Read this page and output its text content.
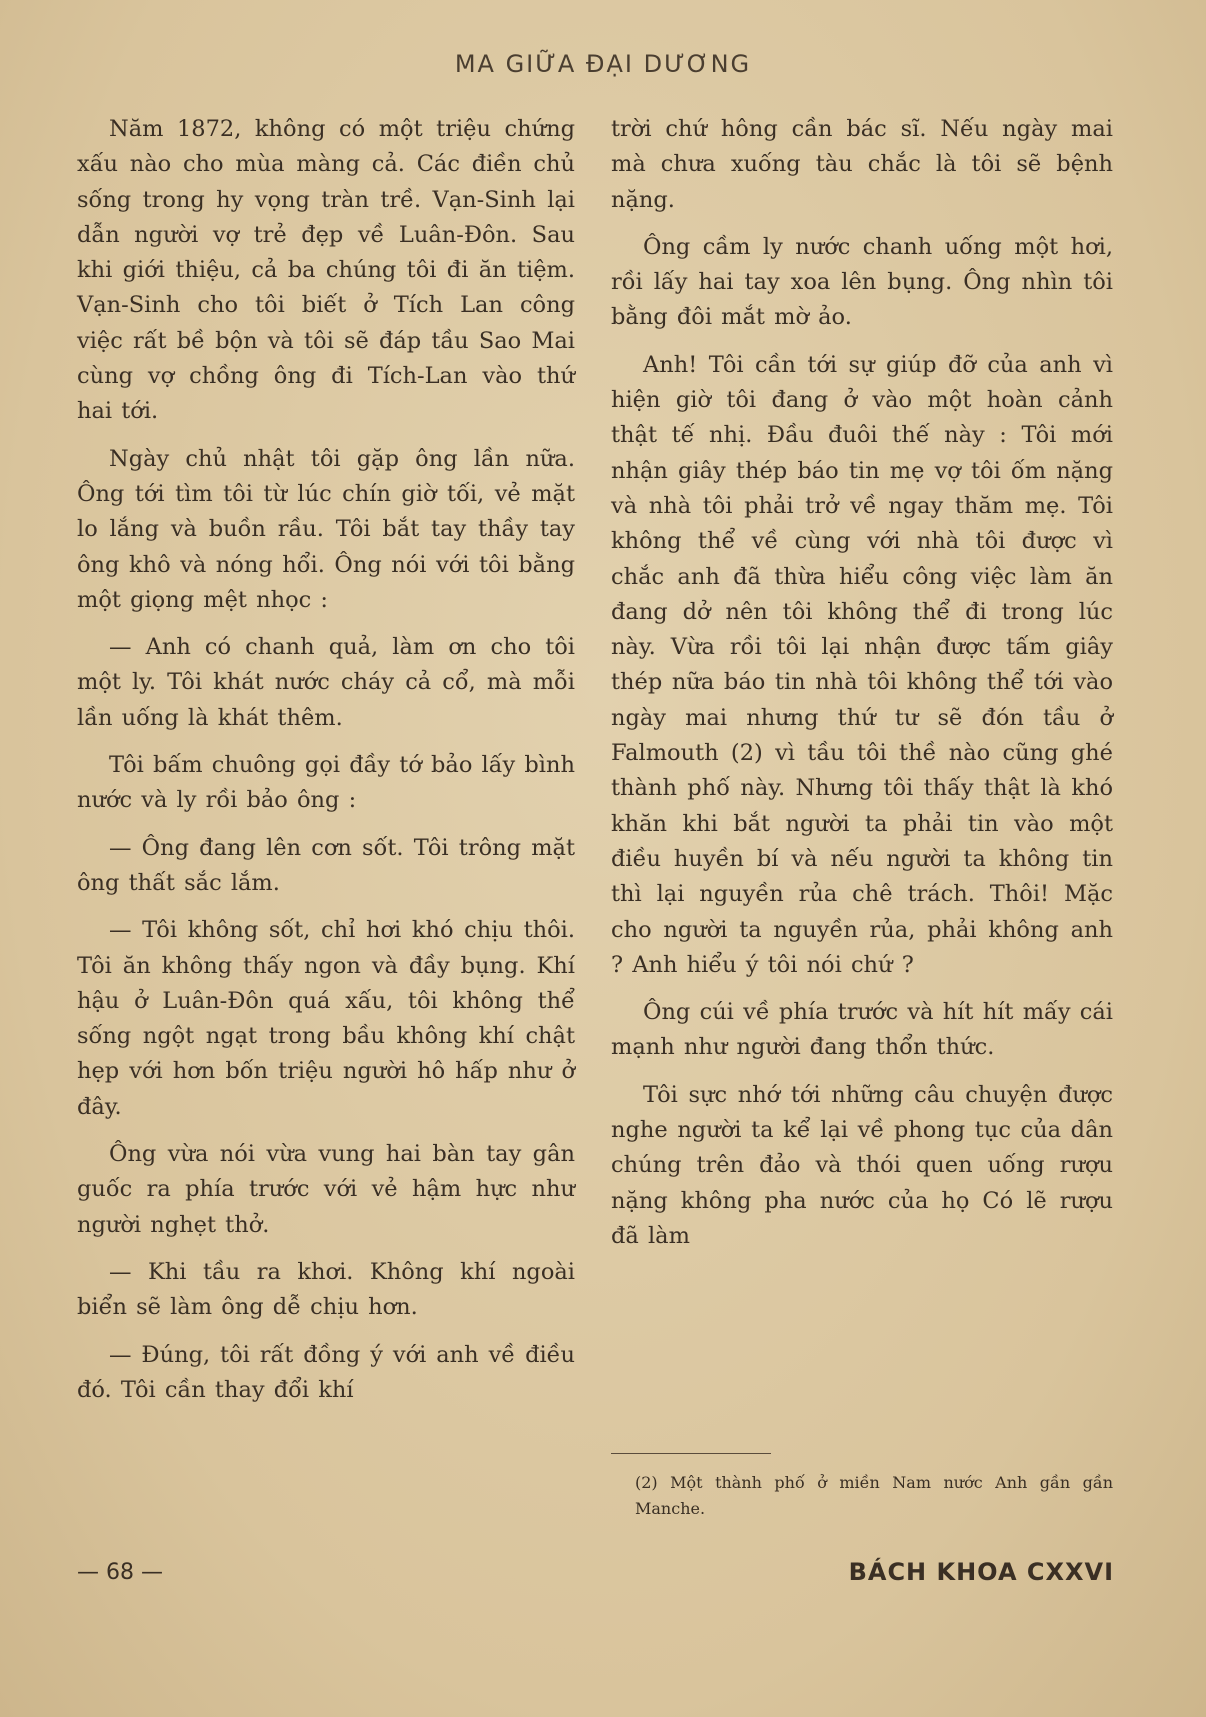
MA GIỮA ĐẠI DƯƠNG

Năm 1872, không có một triệu chứng xấu nào cho mùa màng cả. Các điền chủ sống trong hy vọng tràn trề. Vạn-Sinh lại dẫn người vợ trẻ đẹp về Luân-Đôn. Sau khi giới thiệu, cả ba chúng tôi đi ăn tiệm. Vạn-Sinh cho tôi biết ở Tích Lan công việc rất bề bộn và tôi sẽ đáp tầu Sao Mai cùng vợ chồng ông đi Tích-Lan vào thứ hai tới.

Ngày chủ nhật tôi gặp ông lần nữa. Ông tới tìm tôi từ lúc chín giờ tối, vẻ mặt lo lắng và buồn rầu. Tôi bắt tay thầy tay ông khô và nóng hổi. Ông nói với tôi bằng một giọng mệt nhọc :

— Anh có chanh quả, làm ơn cho tôi một ly. Tôi khát nước cháy cả cổ, mà mỗi lần uống là khát thêm.

Tôi bấm chuông gọi đầy tớ bảo lấy bình nước và ly rồi bảo ông :

— Ông đang lên cơn sốt. Tôi trông mặt ông thất sắc lắm.

— Tôi không sốt, chỉ hơi khó chịu thôi. Tôi ăn không thấy ngon và đầy bụng. Khí hậu ở Luân-Đôn quá xấu, tôi không thể sống ngột ngạt trong bầu không khí chật hẹp với hơn bốn triệu người hô hấp như ở đây.

Ông vừa nói vừa vung hai bàn tay gân guốc ra phía trước với vẻ hậm hực như người nghẹt thở.

— Khi tầu ra khơi. Không khí ngoài biển sẽ làm ông dễ chịu hơn.

— Đúng, tôi rất đồng ý với anh về điều đó. Tôi cần thay đổi khí

trời chứ hông cần bác sĩ. Nếu ngày mai mà chưa xuống tàu chắc là tôi sẽ bệnh nặng.

Ông cầm ly nước chanh uống một hơi, rồi lấy hai tay xoa lên bụng. Ông nhìn tôi bằng đôi mắt mờ ảo.

Anh! Tôi cần tới sự giúp đỡ của anh vì hiện giờ tôi đang ở vào một hoàn cảnh thật tế nhị. Đầu đuôi thế này : Tôi mới nhận giây thép báo tin mẹ vợ tôi ốm nặng và nhà tôi phải trở về ngay thăm mẹ. Tôi không thể về cùng với nhà tôi được vì chắc anh đã thừa hiểu công việc làm ăn đang dở nên tôi không thể đi trong lúc này. Vừa rồi tôi lại nhận được tấm giây thép nữa báo tin nhà tôi không thể tới vào ngày mai nhưng thứ tư sẽ đón tầu ở Falmouth (2) vì tầu tôi thề nào cũng ghé thành phố này. Nhưng tôi thấy thật là khó khăn khi bắt người ta phải tin vào một điều huyền bí và nếu người ta không tin thì lại nguyền rủa chê trách. Thôi! Mặc cho người ta nguyền rủa, phải không anh ? Anh hiểu ý tôi nói chứ ?

Ông cúi về phía trước và hít hít mấy cái mạnh như người đang thổn thức.

Tôi sực nhớ tới những câu chuyện được nghe người ta kể lại về phong tục của dân chúng trên đảo và thói quen uống rượu nặng không pha nước của họ Có lẽ rượu đã làm

(2) Một thành phố ở miền Nam nước Anh gần gần Manche.
— 68 —	BÁCH KHOA CXXVI
